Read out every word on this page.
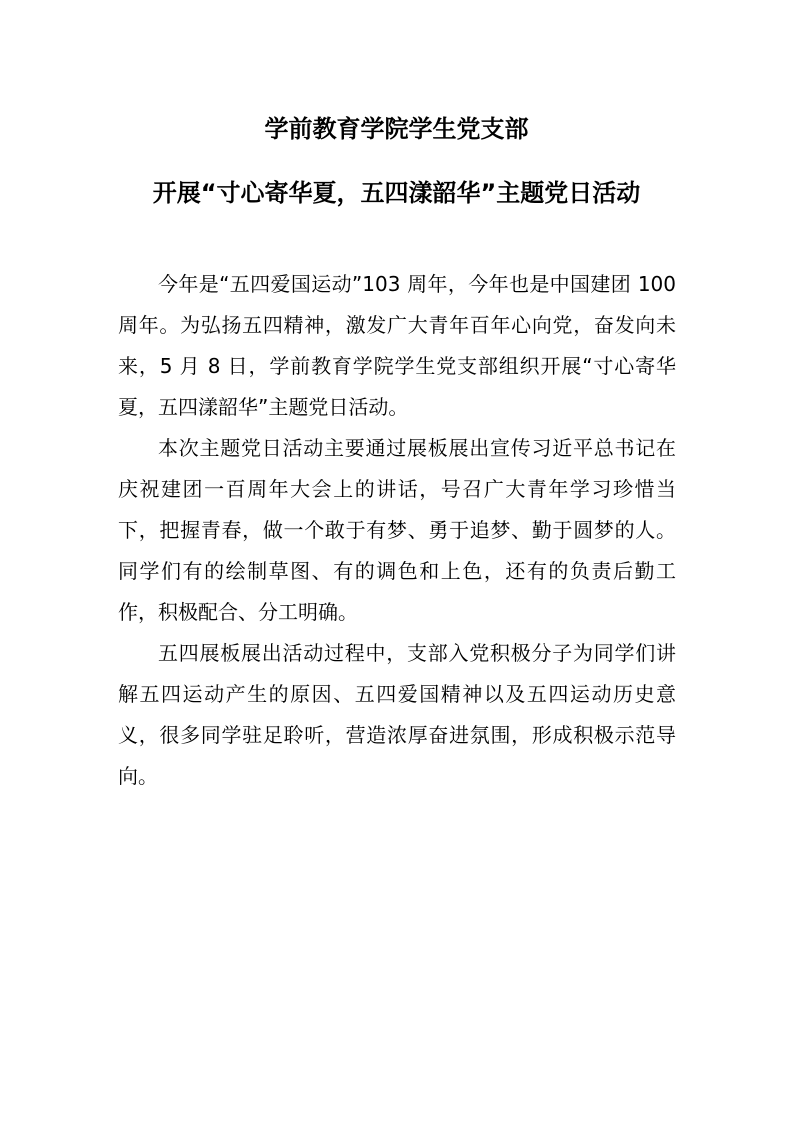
学前教育学院学生党支部
开展“寸心寄华夏，五四漾韶华”主题党日活动

今年是“五四爱国运动”103 周年，今年也是中国建团 100 周年。为弘扬五四精神，激发广大青年百年心向党，奋发向未来，5 月 8 日，学前教育学院学生党支部组织开展“寸心寄华夏，五四漾韶华”主题党日活动。

本次主题党日活动主要通过展板展出宣传习近平总书记在庆祝建团一百周年大会上的讲话，号召广大青年学习珍惜当下，把握青春，做一个敢于有梦、勇于追梦、勤于圆梦的人。同学们有的绘制草图、有的调色和上色，还有的负责后勤工作，积极配合、分工明确。

五四展板展出活动过程中，支部入党积极分子为同学们讲解五四运动产生的原因、五四爱国精神以及五四运动历史意义，很多同学驻足聆听，营造浓厚奋进氛围，形成积极示范导向。
